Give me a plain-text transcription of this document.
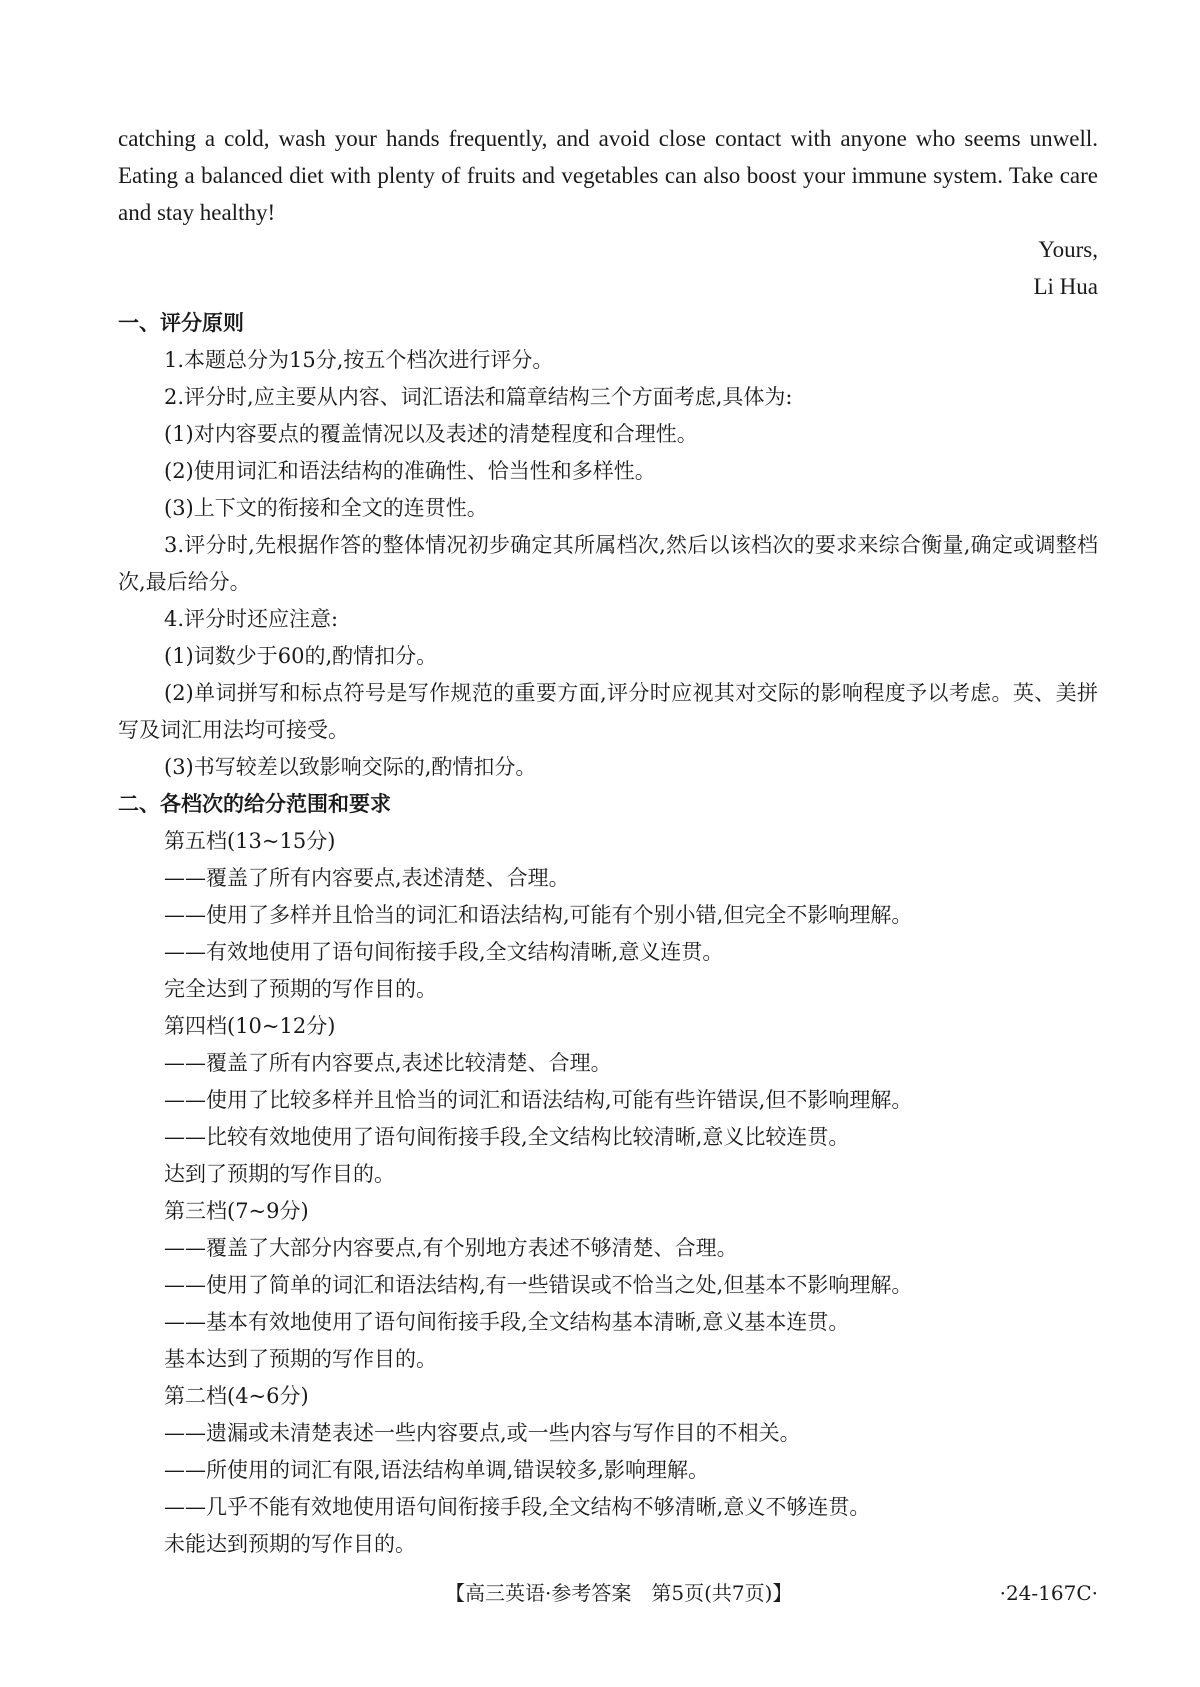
catching a cold, wash your hands frequently, and avoid close contact with anyone who seems unwell. Eating a balanced diet with plenty of fruits and vegetables can also boost your immune system. Take care and stay healthy!

Yours,
Li Hua
一、评分原则
1.本题总分为15分,按五个档次进行评分。
2.评分时,应主要从内容、词汇语法和篇章结构三个方面考虑,具体为:
(1)对内容要点的覆盖情况以及表述的清楚程度和合理性。
(2)使用词汇和语法结构的准确性、恰当性和多样性。
(3)上下文的衔接和全文的连贯性。
3.评分时,先根据作答的整体情况初步确定其所属档次,然后以该档次的要求来综合衡量,确定或调整档次,最后给分。
4.评分时还应注意:
(1)词数少于60的,酌情扣分。
(2)单词拼写和标点符号是写作规范的重要方面,评分时应视其对交际的影响程度予以考虑。英、美拼写及词汇用法均可接受。
(3)书写较差以致影响交际的,酌情扣分。
二、各档次的给分范围和要求
第五档(13~15分)
——覆盖了所有内容要点,表述清楚、合理。
——使用了多样并且恰当的词汇和语法结构,可能有个别小错,但完全不影响理解。
——有效地使用了语句间衔接手段,全文结构清晰,意义连贯。
完全达到了预期的写作目的。
第四档(10~12分)
——覆盖了所有内容要点,表述比较清楚、合理。
——使用了比较多样并且恰当的词汇和语法结构,可能有些许错误,但不影响理解。
——比较有效地使用了语句间衔接手段,全文结构比较清晰,意义比较连贯。
达到了预期的写作目的。
第三档(7~9分)
——覆盖了大部分内容要点,有个别地方表述不够清楚、合理。
——使用了简单的词汇和语法结构,有一些错误或不恰当之处,但基本不影响理解。
——基本有效地使用了语句间衔接手段,全文结构基本清晰,意义基本连贯。
基本达到了预期的写作目的。
第二档(4~6分)
——遗漏或未清楚表述一些内容要点,或一些内容与写作目的不相关。
——所使用的词汇有限,语法结构单调,错误较多,影响理解。
——几乎不能有效地使用语句间衔接手段,全文结构不够清晰,意义不够连贯。
未能达到预期的写作目的。
【高三英语·参考答案　第5页(共7页)】	·24-167C·
